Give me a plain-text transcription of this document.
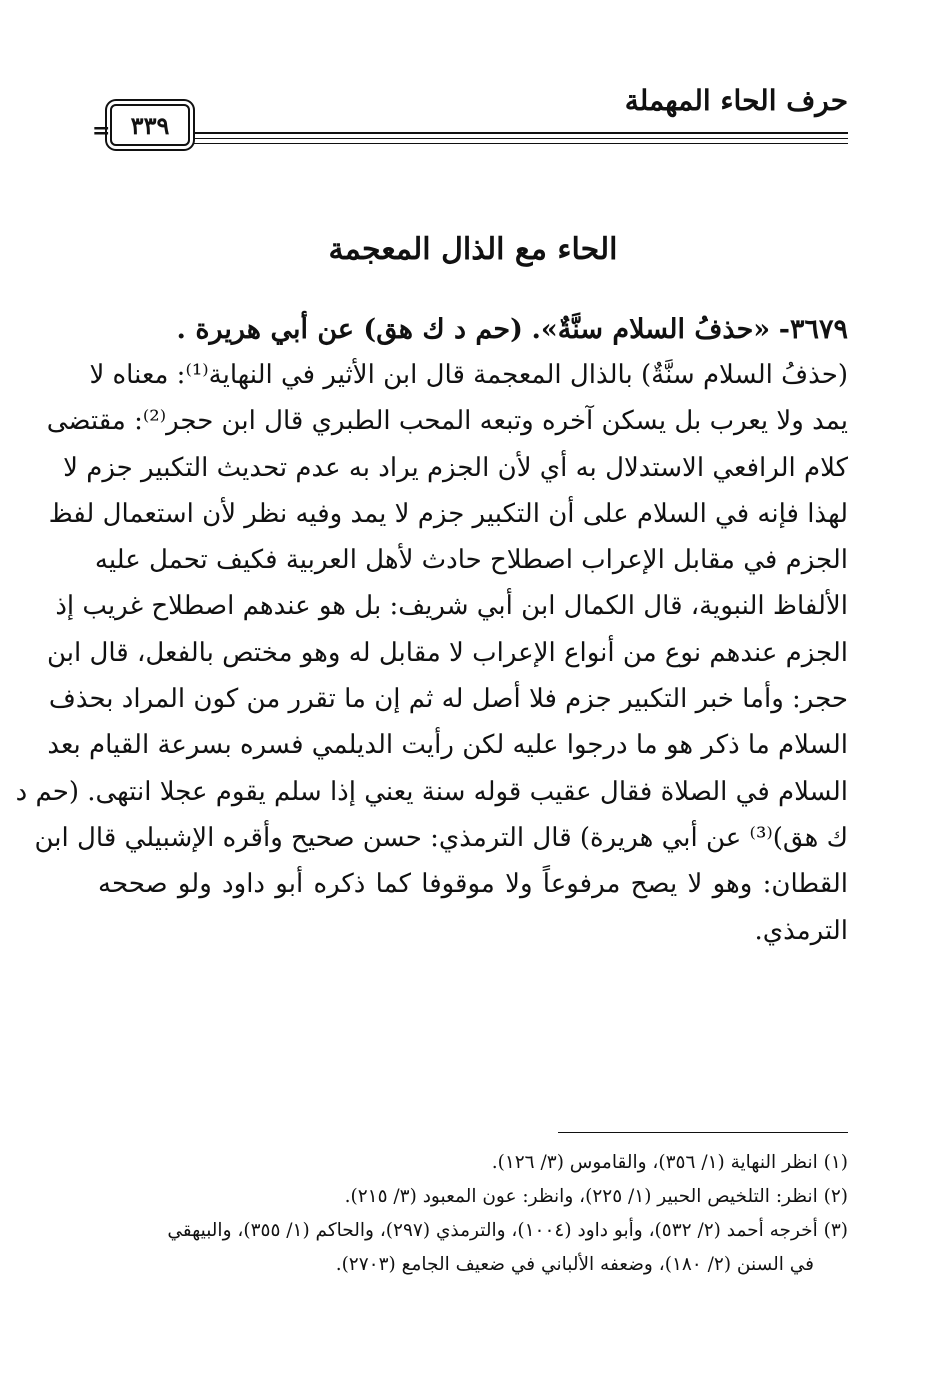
حرف الحاء المهملة
٣٣٩
=
الحاء مع الذال المعجمة
٣٦٧٩- «حذفُ السلام سنَّةٌ». (حم د ك هق) عن أبي هريرة .
(حذفُ السلام سنَّةٌ) بالذال المعجمة قال ابن الأثير في النهاية⁽¹⁾: معناه لا
يمد ولا يعرب بل يسكن آخره وتبعه المحب الطبري قال ابن حجر⁽²⁾: مقتضى
كلام الرافعي الاستدلال به أي لأن الجزم يراد به عدم تحديث التكبير جزم لا
لهذا فإنه في السلام على أن التكبير جزم لا يمد وفيه نظر لأن استعمال لفظ
الجزم في مقابل الإعراب اصطلاح حادث لأهل العربية فكيف تحمل عليه
الألفاظ النبوية، قال الكمال ابن أبي شريف: بل هو عندهم اصطلاح غريب إذ
الجزم عندهم نوع من أنواع الإعراب لا مقابل له وهو مختص بالفعل، قال ابن
حجر: وأما خبر التكبير جزم فلا أصل له ثم إن ما تقرر من كون المراد بحذف
السلام ما ذكر هو ما درجوا عليه لكن رأيت الديلمي فسره بسرعة القيام بعد
السلام في الصلاة فقال عقيب قوله سنة يعني إذا سلم يقوم عجلا انتهى. (حم د
ك هق)⁽³⁾ عن أبي هريرة) قال الترمذي: حسن صحيح وأقره الإشبيلي قال ابن
القطان: وهو لا يصح مرفوعاً ولا موقوفا كما ذكره أبو داود ولو صححه
الترمذي.
(١) انظر النهاية (١/ ٣٥٦)، والقاموس (٣/ ١٢٦).
(٢) انظر: التلخيص الحبير (١/ ٢٢٥)، وانظر: عون المعبود (٣/ ٢١٥).
(٣) أخرجه أحمد (٢/ ٥٣٢)، وأبو داود (١٠٠٤)، والترمذي (٢٩٧)، والحاكم (١/ ٣٥٥)، والبيهقي
في السنن (٢/ ١٨٠)، وضعفه الألباني في ضعيف الجامع (٢٧٠٣).
